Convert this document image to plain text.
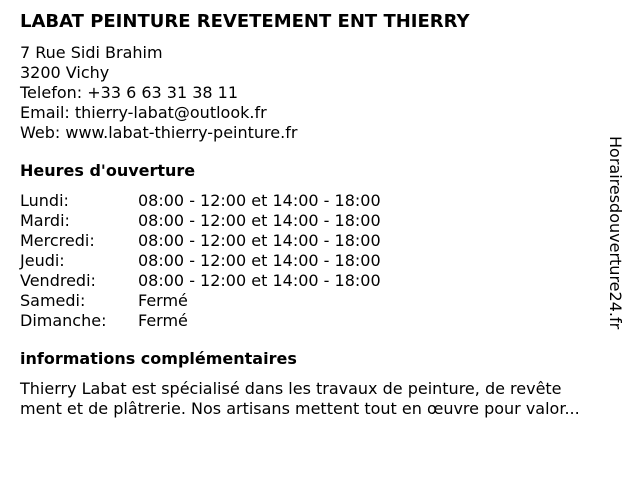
LABAT PEINTURE REVETEMENT ENT THIERRY
7 Rue Sidi Brahim
3200 Vichy
Telefon: +33 6 63 31 38 11
Email: thierry-labat@outlook.fr
Web: www.labat-thierry-peinture.fr
Heures d'ouverture
Lundi:	08:00 - 12:00 et 14:00 - 18:00
Mardi:	08:00 - 12:00 et 14:00 - 18:00
Mercredi:	08:00 - 12:00 et 14:00 - 18:00
Jeudi:	08:00 - 12:00 et 14:00 - 18:00
Vendredi:	08:00 - 12:00 et 14:00 - 18:00
Samedi:	Fermé
Dimanche:	Fermé
informations complémentaires
Thierry Labat est spécialisé dans les travaux de peinture, de revête
ment et de plâtrerie. Nos artisans mettent tout en œuvre pour valor...
Horairesdouverture24.fr
